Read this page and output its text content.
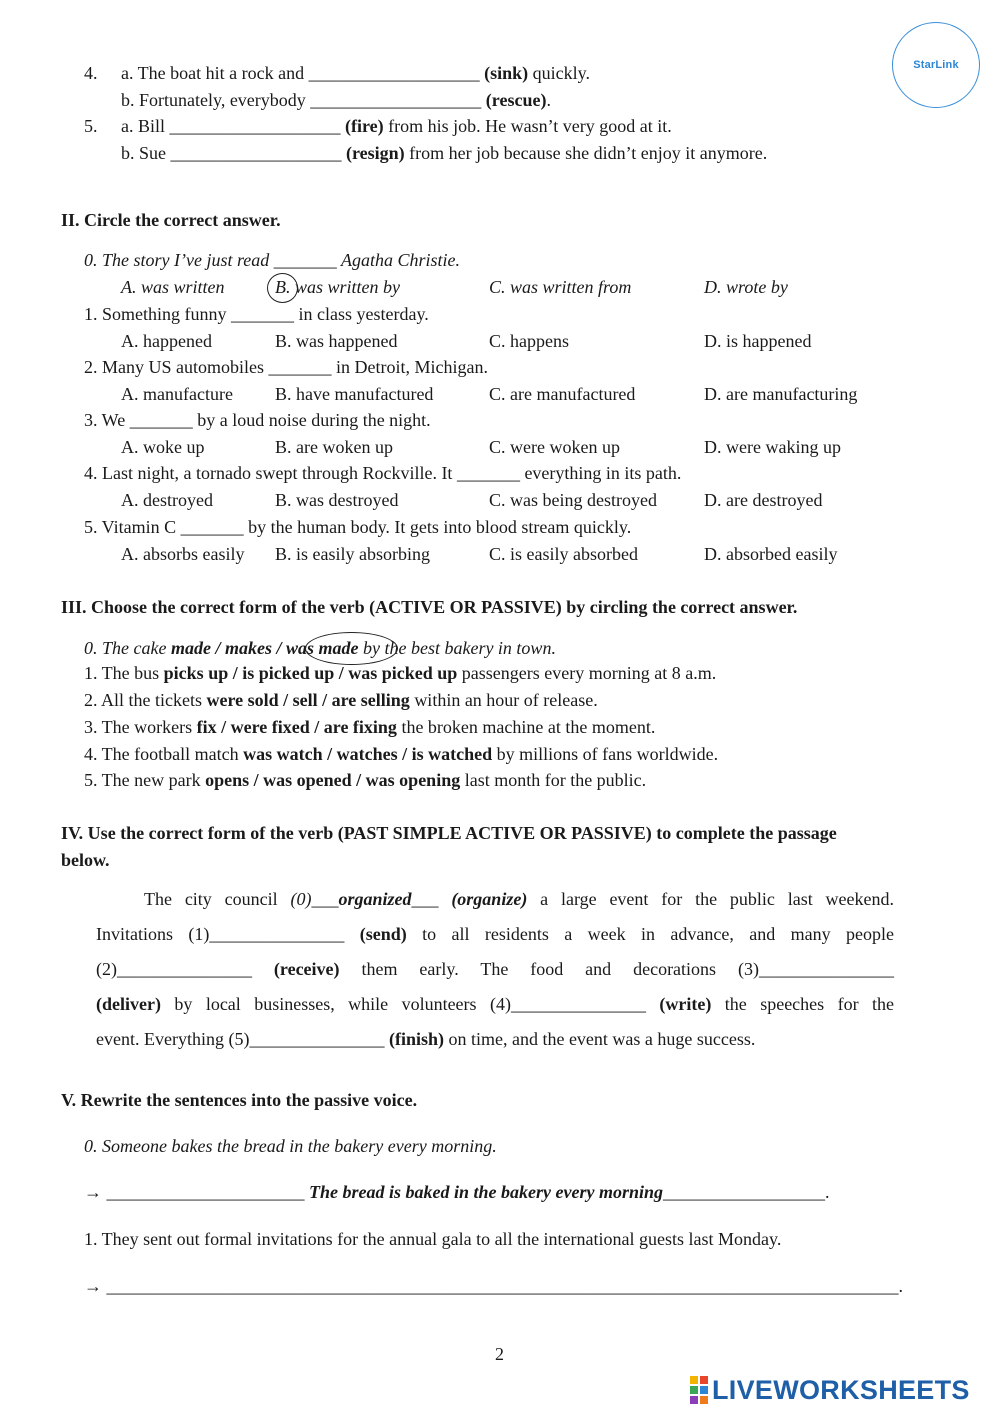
StarLink
4. a. The boat hit a rock and ___________________ (sink) quickly.
b. Fortunately, everybody ___________________ (rescue).
5. a. Bill ___________________ (fire) from his job. He wasn’t very good at it.
b. Sue ___________________ (resign) from her job because she didn’t enjoy it anymore.
II. Circle the correct answer.
0. The story I’ve just read _______ Agatha Christie.
A. was written	B. was written by	C. was written from	D. wrote by
1. Something funny _______ in class yesterday.
A. happened	B. was happened	C. happens	D. is happened
2. Many US automobiles _______ in Detroit, Michigan.
A. manufacture B. have manufactured	C. are manufactured	D. are manufacturing
3. We _______ by a loud noise during the night.
A. woke up	B. are woken up	C. were woken up	D. were waking up
4. Last night, a tornado swept through Rockville. It _______ everything in its path.
A. destroyed	B. was destroyed	C. was being destroyed	D. are destroyed
5. Vitamin C _______ by the human body. It gets into blood stream quickly.
A. absorbs easily B. is easily absorbing	C. is easily absorbed	D. absorbed easily
III. Choose the correct form of the verb (ACTIVE OR PASSIVE) by circling the correct answer.
0. The cake made / makes / was made by the best bakery in town.
1. The bus picks up / is picked up / was picked up passengers every morning at 8 a.m.
2. All the tickets were sold / sell / are selling within an hour of release.
3. The workers fix / were fixed / are fixing the broken machine at the moment.
4. The football match was watch / watches / is watched by millions of fans worldwide.
5. The new park opens / was opened / was opening last month for the public.
IV. Use the correct form of the verb (PAST SIMPLE ACTIVE OR PASSIVE) to complete the passage
below.

The city council (0)___organized___ (organize) a large event for the public last weekend.

Invitations (1)_______________ (send) to all residents a week in advance, and many people

(2)_______________ (receive) them early. The food and decorations (3)_______________

(deliver) by local businesses, while volunteers (4)_______________ (write) the speeches for the

event. Everything (5)_______________ (finish) on time, and the event was a huge success.

V. Rewrite the sentences into the passive voice.
0. Someone bakes the bread in the bakery every morning.
→ ______________________ The bread is baked in the bakery every morning__________________.
1. They sent out formal invitations for the annual gala to all the international guests last Monday.
→ ________________________________________________________________________________________.
2
LIVEWORKSHEETS
